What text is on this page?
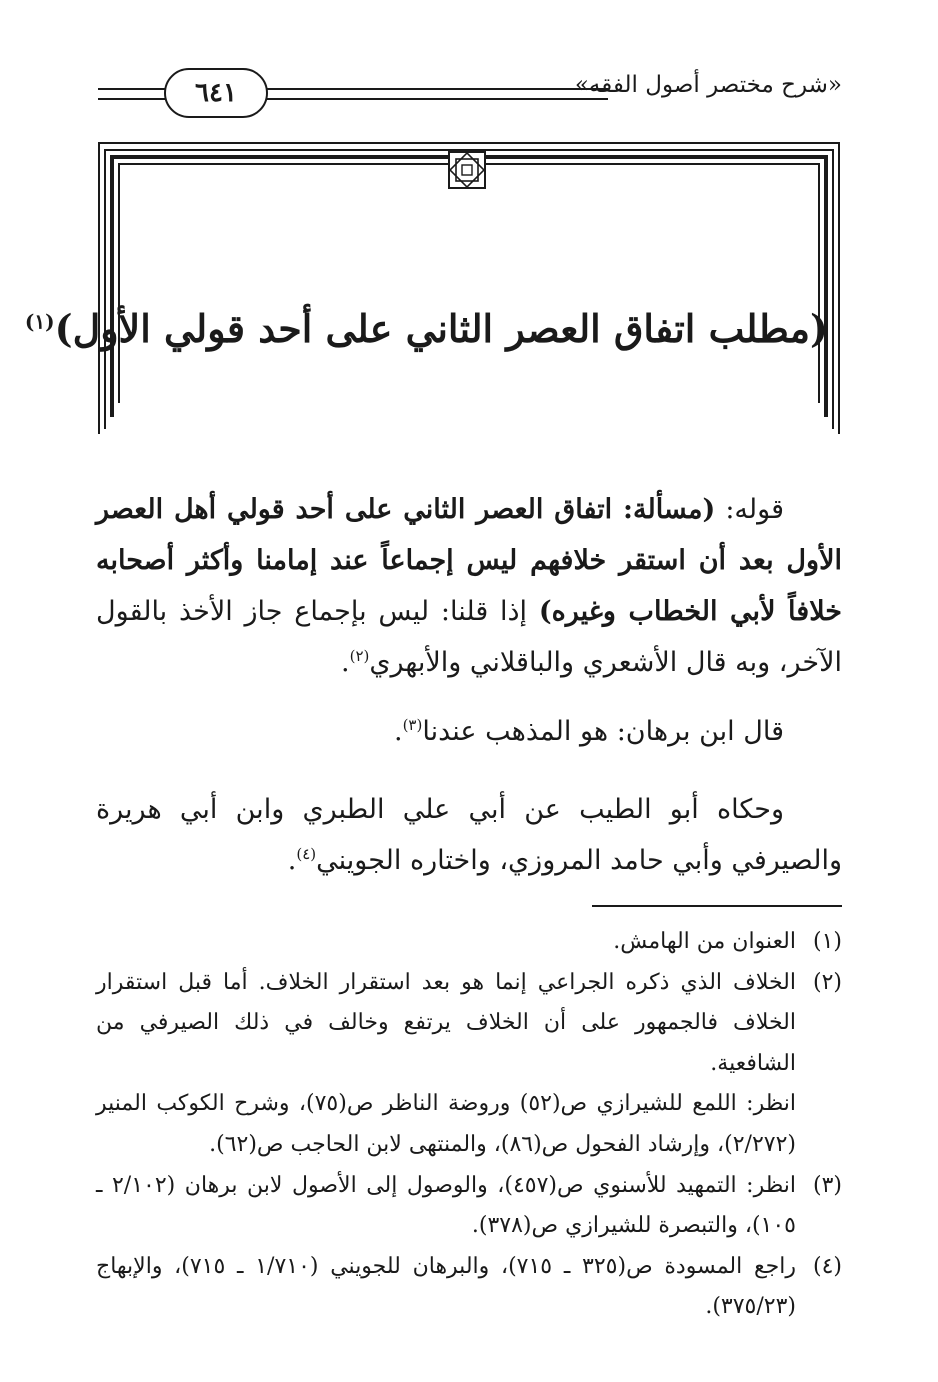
«شرح مختصر أصول الفقه»
٦٤١
(مطلب اتفاق العصر الثاني على أحد قولي الأول)$^{(١)}$
قوله: (مسألة: اتفاق العصر الثاني على أحد قولي أهل العصر الأول بعد أن استقر خلافهم ليس إجماعاً عند إمامنا وأكثر أصحابه خلافاً لأبي الخطاب وغيره) إذا قلنا: ليس بإجماع جاز الأخذ بالقول الآخر، وبه قال الأشعري والباقلاني والأبهري$^{(٢)}$.
قال ابن برهان: هو المذهب عندنا$^{(٣)}$.
وحكاه أبو الطيب عن أبي علي الطبري وابن أبي هريرة والصيرفي وأبي حامد المروزي، واختاره الجويني$^{(٤)}$.
(١)
العنوان من الهامش.
(٢)
الخلاف الذي ذكره الجراعي إنما هو بعد استقرار الخلاف. أما قبل استقرار الخلاف فالجمهور على أن الخلاف يرتفع وخالف في ذلك الصيرفي من الشافعية.
انظر: اللمع للشيرازي ص(٥٢) وروضة الناظر ص(٧٥)، وشرح الكوكب المنير (٢/٢٧٢)، وإرشاد الفحول ص(٨٦)، والمنتهى لابن الحاجب ص(٦٢).
(٣)
انظر: التمهيد للأسنوي ص(٤٥٧)، والوصول إلى الأصول لابن برهان (٢/١٠٢ ـ ١٠٥)، والتبصرة للشيرازي ص(٣٧٨).
(٤)
راجع المسودة ص(٣٢٥ ـ ٧١٥)، والبرهان للجويني (١/٧١٠ ـ ٧١٥)، والإبهاج (٣٧٥/٢٣).
